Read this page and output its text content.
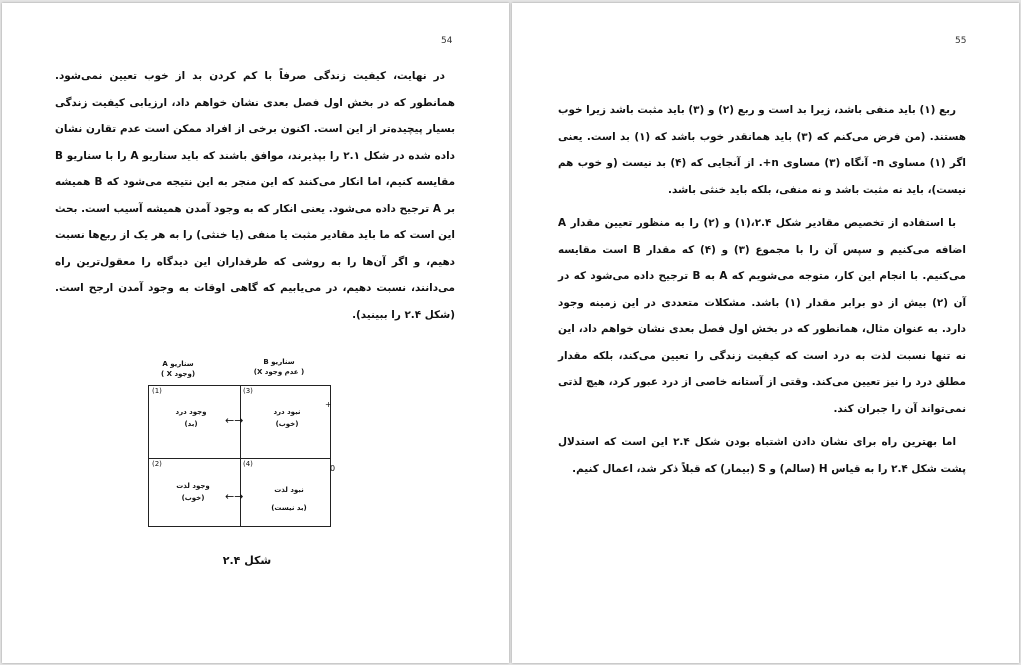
54

در نهایت، کیفیت زندگی صرفاً با کم کردن بد از خوب تعیین نمی‌شود. همانطور که در بخش اول فصل بعدی نشان خواهم داد، ارزیابی کیفیت زندگی بسیار پیچیده‌تر از این است. اکنون برخی از افراد ممکن است عدم تقارن نشان داده شده در شکل ۲.۱ را بپذیرند، موافق باشند که باید سناریو A را با سناریو B مقایسه کنیم، اما انکار می‌کنند که این منجر به این نتیجه می‌شود که B همیشه بر A ترجیح داده می‌شود. یعنی انکار که به وجود آمدن همیشه آسیب است. بحث این است که ما باید مقادیر مثبت یا منفی (یا خنثی) را به هر یک از ربع‌ها نسبت دهیم، و اگر آن‌ها را به روشی که طرفداران این دیدگاه را معقول‌ترین راه می‌دانند، نسبت دهیم، در می‌یابیم که گاهی اوقات به وجود آمدن ارجح است. (شکل ۲.۴ را ببینید).

سناریو A
(وجود X )
سناریو B
( عدم وجود X)
(1)
وجود درد
(بد)
(3)
نبود درد
(خوب)
(2)
وجود لذت
(خوب)
(4)
نبود لذت
(بد نیست)
←→
←→
+
0
شکل ۲.۴
55

ربع (۱) باید منفی باشد، زیرا بد است و ربع (۲) و (۳) باید مثبت باشد زیرا خوب هستند. (من فرض می‌کنم که (۳) باید همانقدر خوب باشد که (۱) بد است. یعنی اگر (۱) مساوی n- آنگاه (۳) مساوی n+. از آنجایی که (۴) بد نیست (و خوب هم نیست)، باید نه مثبت باشد و نه منفی، بلکه باید خنثی باشد.

با استفاده از تخصیص مقادیر شکل ۲.۴،(۱) و (۲) را به منظور تعیین مقدار A اضافه می‌کنیم و سپس آن را با مجموع (۳) و (۴) که مقدار B است مقایسه می‌کنیم. با انجام این کار، متوجه می‌شویم که A به B ترجیح داده می‌شود که در آن (۲) بیش از دو برابر مقدار (۱) باشد. مشکلات متعددی در این زمینه وجود دارد. به عنوان مثال، همانطور که در بخش اول فصل بعدی نشان خواهم داد، این نه تنها نسبت لذت به درد است که کیفیت زندگی را تعیین می‌کند، بلکه مقدار مطلق درد را نیز تعیین می‌کند. وقتی از آستانه خاصی از درد عبور کرد، هیچ لذتی نمی‌تواند آن را جبران کند.

اما بهترین راه برای نشان دادن اشتباه بودن شکل ۲.۴ این است که استدلال پشت شکل ۲.۴ را به قیاس H (سالم) و S (بیمار) که قبلاً ذکر شد، اعمال کنیم.
